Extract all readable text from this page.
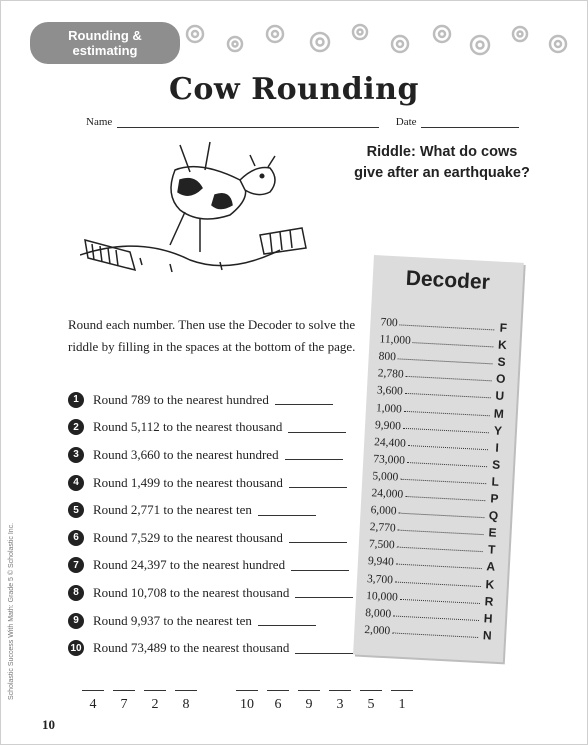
Rounding &
estimating
Cow Rounding
Name	Date
Riddle: What do cows give after an earthquake?
Round each number. Then use the Decoder to solve the riddle by filling in the spaces at the bottom of the page.
1	Round 789 to the nearest hundred
2	Round 5,112 to the nearest thousand
3	Round 3,660 to the nearest hundred
4	Round 1,499 to the nearest thousand
5	Round 2,771 to the nearest ten
6	Round 7,529 to the nearest thousand
7	Round 24,397 to the nearest hundred
8	Round 10,708 to the nearest thousand
9	Round 9,937 to the nearest ten
10 Round 73,489 to the nearest thousand
Decoder
700	F
11,000	K
800	S
2,780	O
3,600	U
1,000	M
9,900	Y
24,400	I
73,000	S
5,000	L
24,000	P
6,000	Q
2,770	E
7,500	T
9,940	A
3,700	K
10,000	R
8,000	H
2,000	N
4	7	2	8	10	6	9	3	5	1
10
Scholastic Success With Math: Grade 5 © Scholastic Inc.
